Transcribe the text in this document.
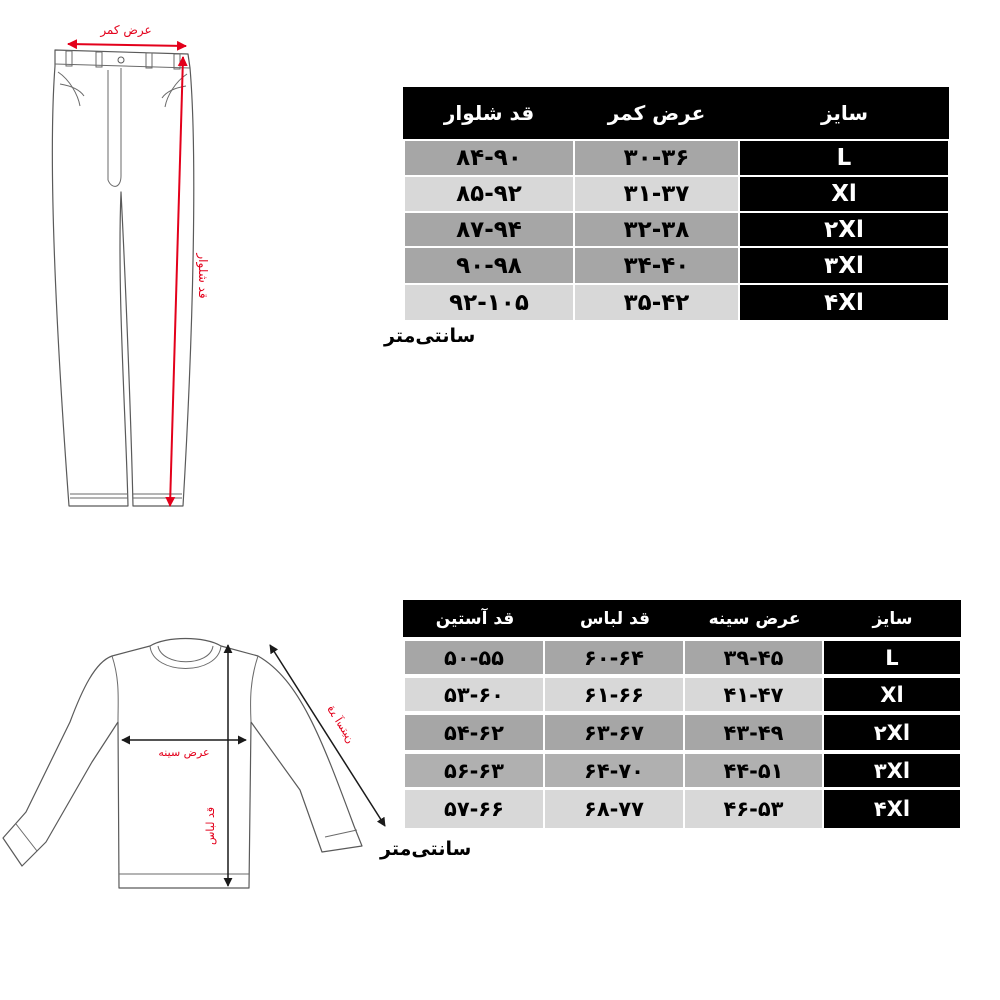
عرض کمر
قد شلوار
قد شلوار	عرض کمر	سایز
۸۴-۹۰	۳۰-۳۶	L
۸۵-۹۲	۳۱-۳۷	Xl
۸۷-۹۴	۳۲-۳۸	۲Xl
۹۰-۹۸	۳۴-۴۰	۳Xl
۹۲-۱۰۵	۳۵-۴۲	۴Xl
سانتی‌متر
عرض سینه
قد لباس
قد آستین
قد آستین	قد لباس	عرض سینه	سایز
۵۰-۵۵	۶۰-۶۴	۳۹-۴۵	L
۵۳-۶۰	۶۱-۶۶	۴۱-۴۷	Xl
۵۴-۶۲	۶۳-۶۷	۴۳-۴۹	۲Xl
۵۶-۶۳	۶۴-۷۰	۴۴-۵۱	۳Xl
۵۷-۶۶	۶۸-۷۷	۴۶-۵۳	۴Xl
سانتی‌متر
